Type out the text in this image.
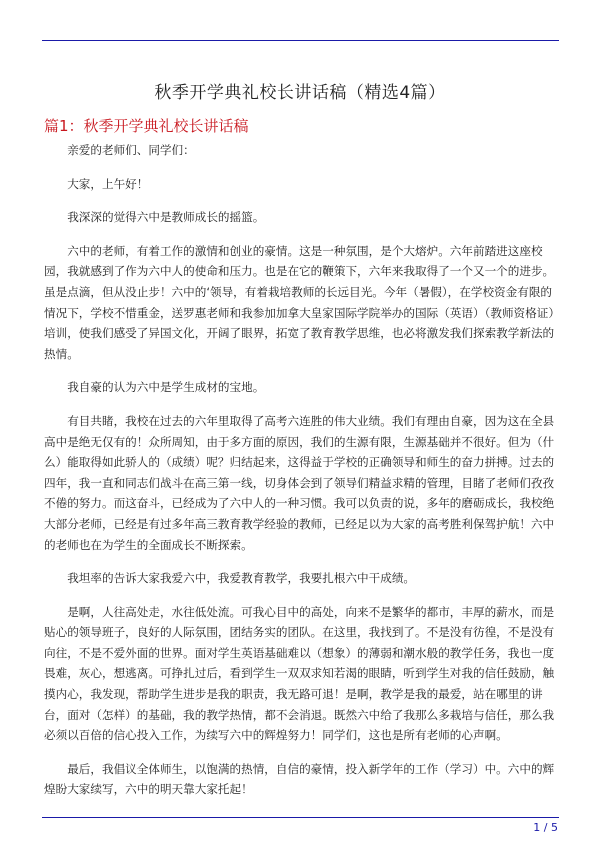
秋季开学典礼校长讲话稿（精选4篇）
篇1：秋季开学典礼校长讲话稿

亲爱的老师们、同学们：

大家，上午好！

我深深的觉得六中是教师成长的摇篮。

六中的老师，有着工作的激情和创业的豪情。这是一种氛围，是个大熔炉。六年前踏进这座校园，我就感到了作为六中人的使命和压力。也是在它的鞭策下，六年来我取得了一个又一个的进步。虽是点滴，但从没止步！六中的‘领导，有着栽培教师的长远目光。今年（暑假），在学校资金有限的情况下，学校不惜重金，送罗惠老师和我参加加拿大皇家国际学院举办的国际（英语）（教师资格证）培训，使我们感受了异国文化，开阔了眼界，拓宽了教育教学思维，也必将激发我们探索教学新法的热情。

我自豪的认为六中是学生成材的宝地。

有目共睹，我校在过去的六年里取得了高考六连胜的伟大业绩。我们有理由自豪，因为这在全县高中是绝无仅有的！众所周知，由于多方面的原因，我们的生源有限，生源基础并不很好。但为（什么）能取得如此骄人的（成绩）呢？归结起来，这得益于学校的正确领导和师生的奋力拼搏。过去的四年，我一直和同志们战斗在高三第一线，切身体会到了领导们精益求精的管理，目睹了老师们孜孜不倦的努力。而这奋斗，已经成为了六中人的一种习惯。我可以负责的说，多年的磨砺成长，我校绝大部分老师，已经是有过多年高三教育教学经验的教师，已经足以为大家的高考胜利保驾护航！六中的老师也在为学生的全面成长不断探索。

我坦率的告诉大家我爱六中，我爱教育教学，我要扎根六中干成绩。

是啊，人往高处走，水往低处流。可我心目中的高处，向来不是繁华的都市，丰厚的薪水，而是贴心的领导班子，良好的人际氛围，团结务实的团队。在这里，我找到了。不是没有彷徨，不是没有向往，不是不爱外面的世界。面对学生英语基础难以（想象）的薄弱和潮水般的教学任务，我也一度畏难，灰心，想逃离。可挣扎过后，看到学生一双双求知若渴的眼睛，听到学生对我的信任鼓励，触摸内心，我发现，帮助学生进步是我的职责，我无路可退！是啊，教学是我的最爱，站在哪里的讲台，面对（怎样）的基础，我的教学热情，都不会消退。既然六中给了我那么多栽培与信任，那么我必须以百倍的信心投入工作，为续写六中的辉煌努力！同学们，这也是所有老师的心声啊。

最后，我倡议全体师生，以饱满的热情，自信的豪情，投入新学年的工作（学习）中。六中的辉煌盼大家续写，六中的明天靠大家托起！

1 / 5
